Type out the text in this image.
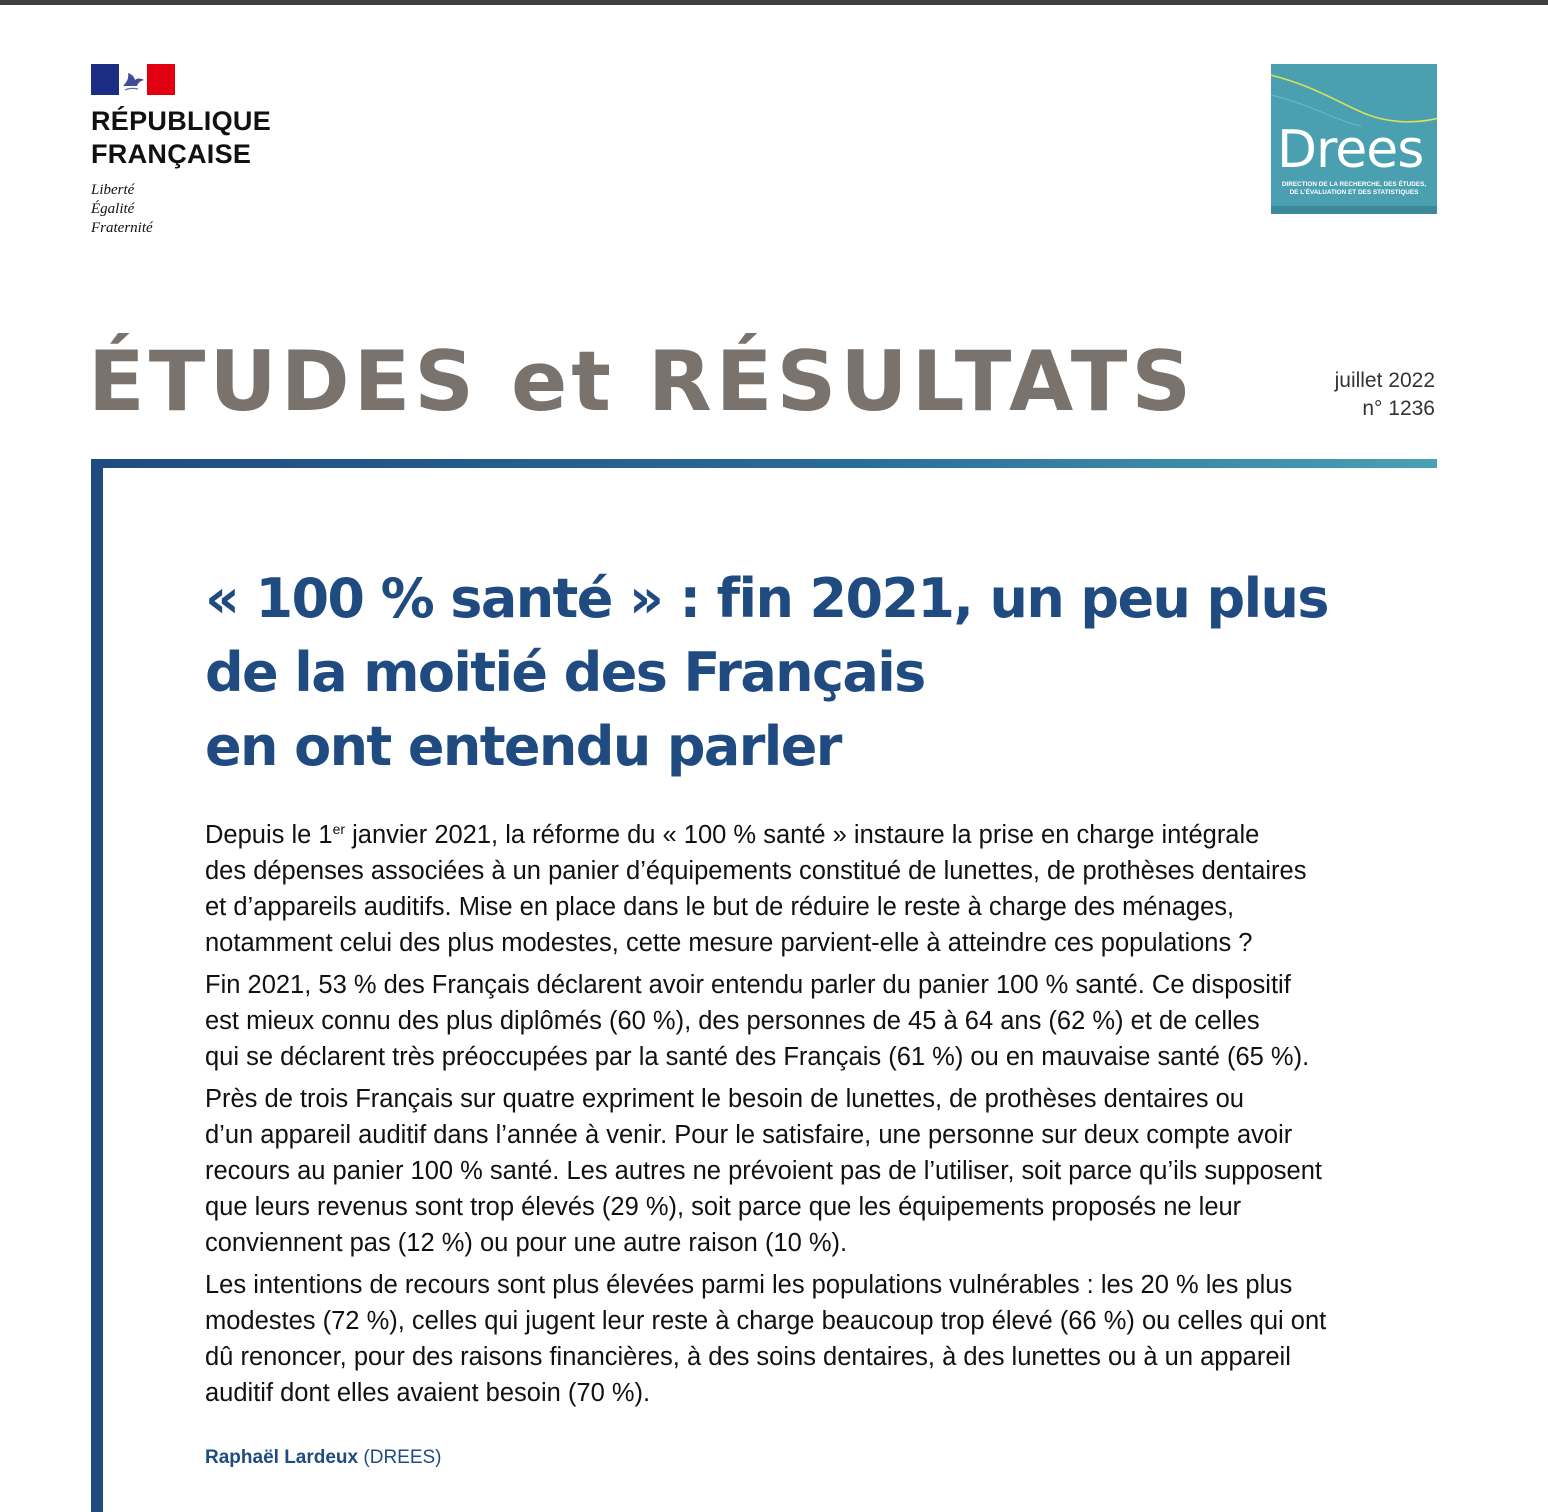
RÉPUBLIQUE
FRANÇAISE
Liberté
Égalité
Fraternité
Drees
DIRECTION DE LA RECHERCHE, DES ÉTUDES,
DE L'ÉVALUATION ET DES STATISTIQUES
ÉTUDES et RÉSULTATS	juillet 2022
n° 1236
« 100 % santé » : fin 2021, un peu plus
de la moitié des Français
en ont entendu parler

Depuis le 1er janvier 2021, la réforme du « 100 % santé » instaure la prise en charge intégrale
des dépenses associées à un panier d’équipements constitué de lunettes, de prothèses dentaires
et d’appareils auditifs. Mise en place dans le but de réduire le reste à charge des ménages,
notamment celui des plus modestes, cette mesure parvient-elle à atteindre ces populations ?

Fin 2021, 53 % des Français déclarent avoir entendu parler du panier 100 % santé. Ce dispositif
est mieux connu des plus diplômés (60 %), des personnes de 45 à 64 ans (62 %) et de celles
qui se déclarent très préoccupées par la santé des Français (61 %) ou en mauvaise santé (65 %).

Près de trois Français sur quatre expriment le besoin de lunettes, de prothèses dentaires ou
d’un appareil auditif dans l’année à venir. Pour le satisfaire, une personne sur deux compte avoir
recours au panier 100 % santé. Les autres ne prévoient pas de l’utiliser, soit parce qu’ils supposent
que leurs revenus sont trop élevés (29 %), soit parce que les équipements proposés ne leur
conviennent pas (12 %) ou pour une autre raison (10 %).

Les intentions de recours sont plus élevées parmi les populations vulnérables : les 20 % les plus
modestes (72 %), celles qui jugent leur reste à charge beaucoup trop élevé (66 %) ou celles qui ont
dû renoncer, pour des raisons financières, à des soins dentaires, à des lunettes ou à un appareil
auditif dont elles avaient besoin (70 %).

Raphaël Lardeux (DREES)
